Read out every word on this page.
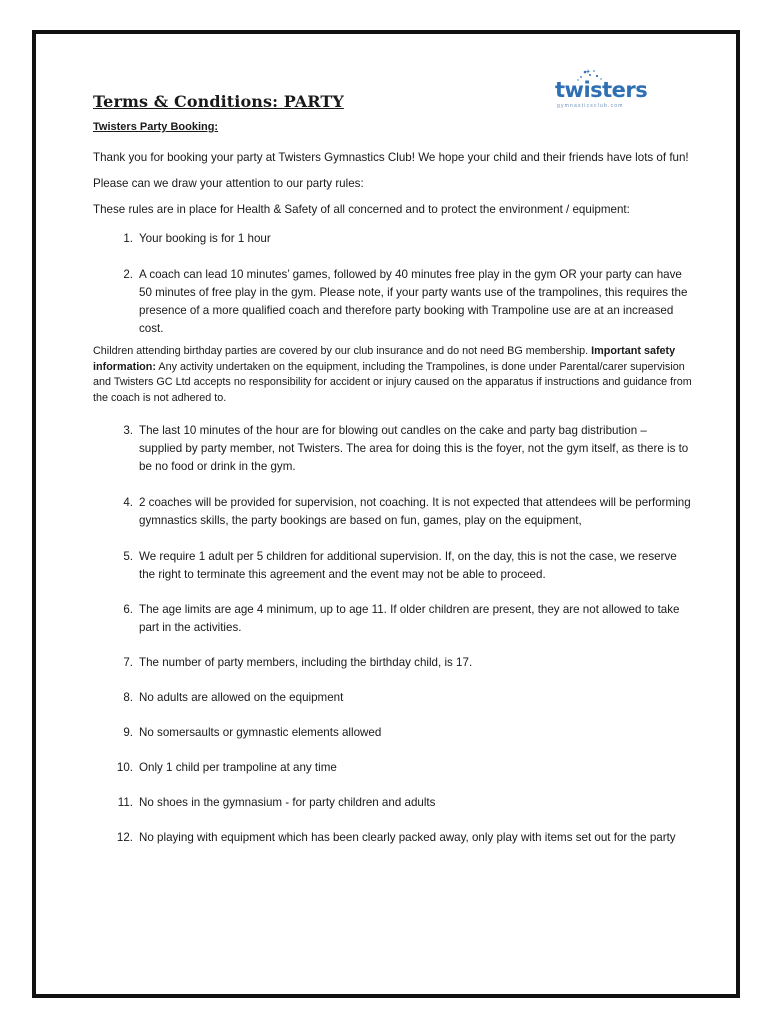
twisters
gymnasticsclub.com
Terms & Conditions: PARTY
Twisters Party Booking:

Thank you for booking your party at Twisters Gymnastics Club! We hope your child and their friends have lots of fun!

Please can we draw your attention to our party rules:

These rules are in place for Health & Safety of all concerned and to protect the environment / equipment:

1. Your booking is for 1 hour
2. A coach can lead 10 minutes’ games, followed by 40 minutes free play in the gym OR your party can have 50 minutes of free play in the gym. Please note, if your party wants use of the trampolines, this requires the presence of a more qualified coach and therefore party booking with Trampoline use are at an increased cost.

Children attending birthday parties are covered by our club insurance and do not need BG membership. Important safety information: Any activity undertaken on the equipment, including the Trampolines, is done under Parental/carer supervision and Twisters GC Ltd accepts no responsibility for accident or injury caused on the apparatus if instructions and guidance from the coach is not adhered to.

3. The last 10 minutes of the hour are for blowing out candles on the cake and party bag distribution – supplied by party member, not Twisters. The area for doing this is the foyer, not the gym itself, as there is to be no food or drink in the gym.
4. 2 coaches will be provided for supervision, not coaching. It is not expected that attendees will be performing gymnastics skills, the party bookings are based on fun, games, play on the equipment,
5. We require 1 adult per 5 children for additional supervision. If, on the day, this is not the case, we reserve the right to terminate this agreement and the event may not be able to proceed.
6. The age limits are age 4 minimum, up to age 11. If older children are present, they are not allowed to take part in the activities.
7. The number of party members, including the birthday child, is 17.
8. No adults are allowed on the equipment
9. No somersaults or gymnastic elements allowed
10. Only 1 child per trampoline at any time
11. No shoes in the gymnasium - for party children and adults
12. No playing with equipment which has been clearly packed away, only play with items set out for the party
